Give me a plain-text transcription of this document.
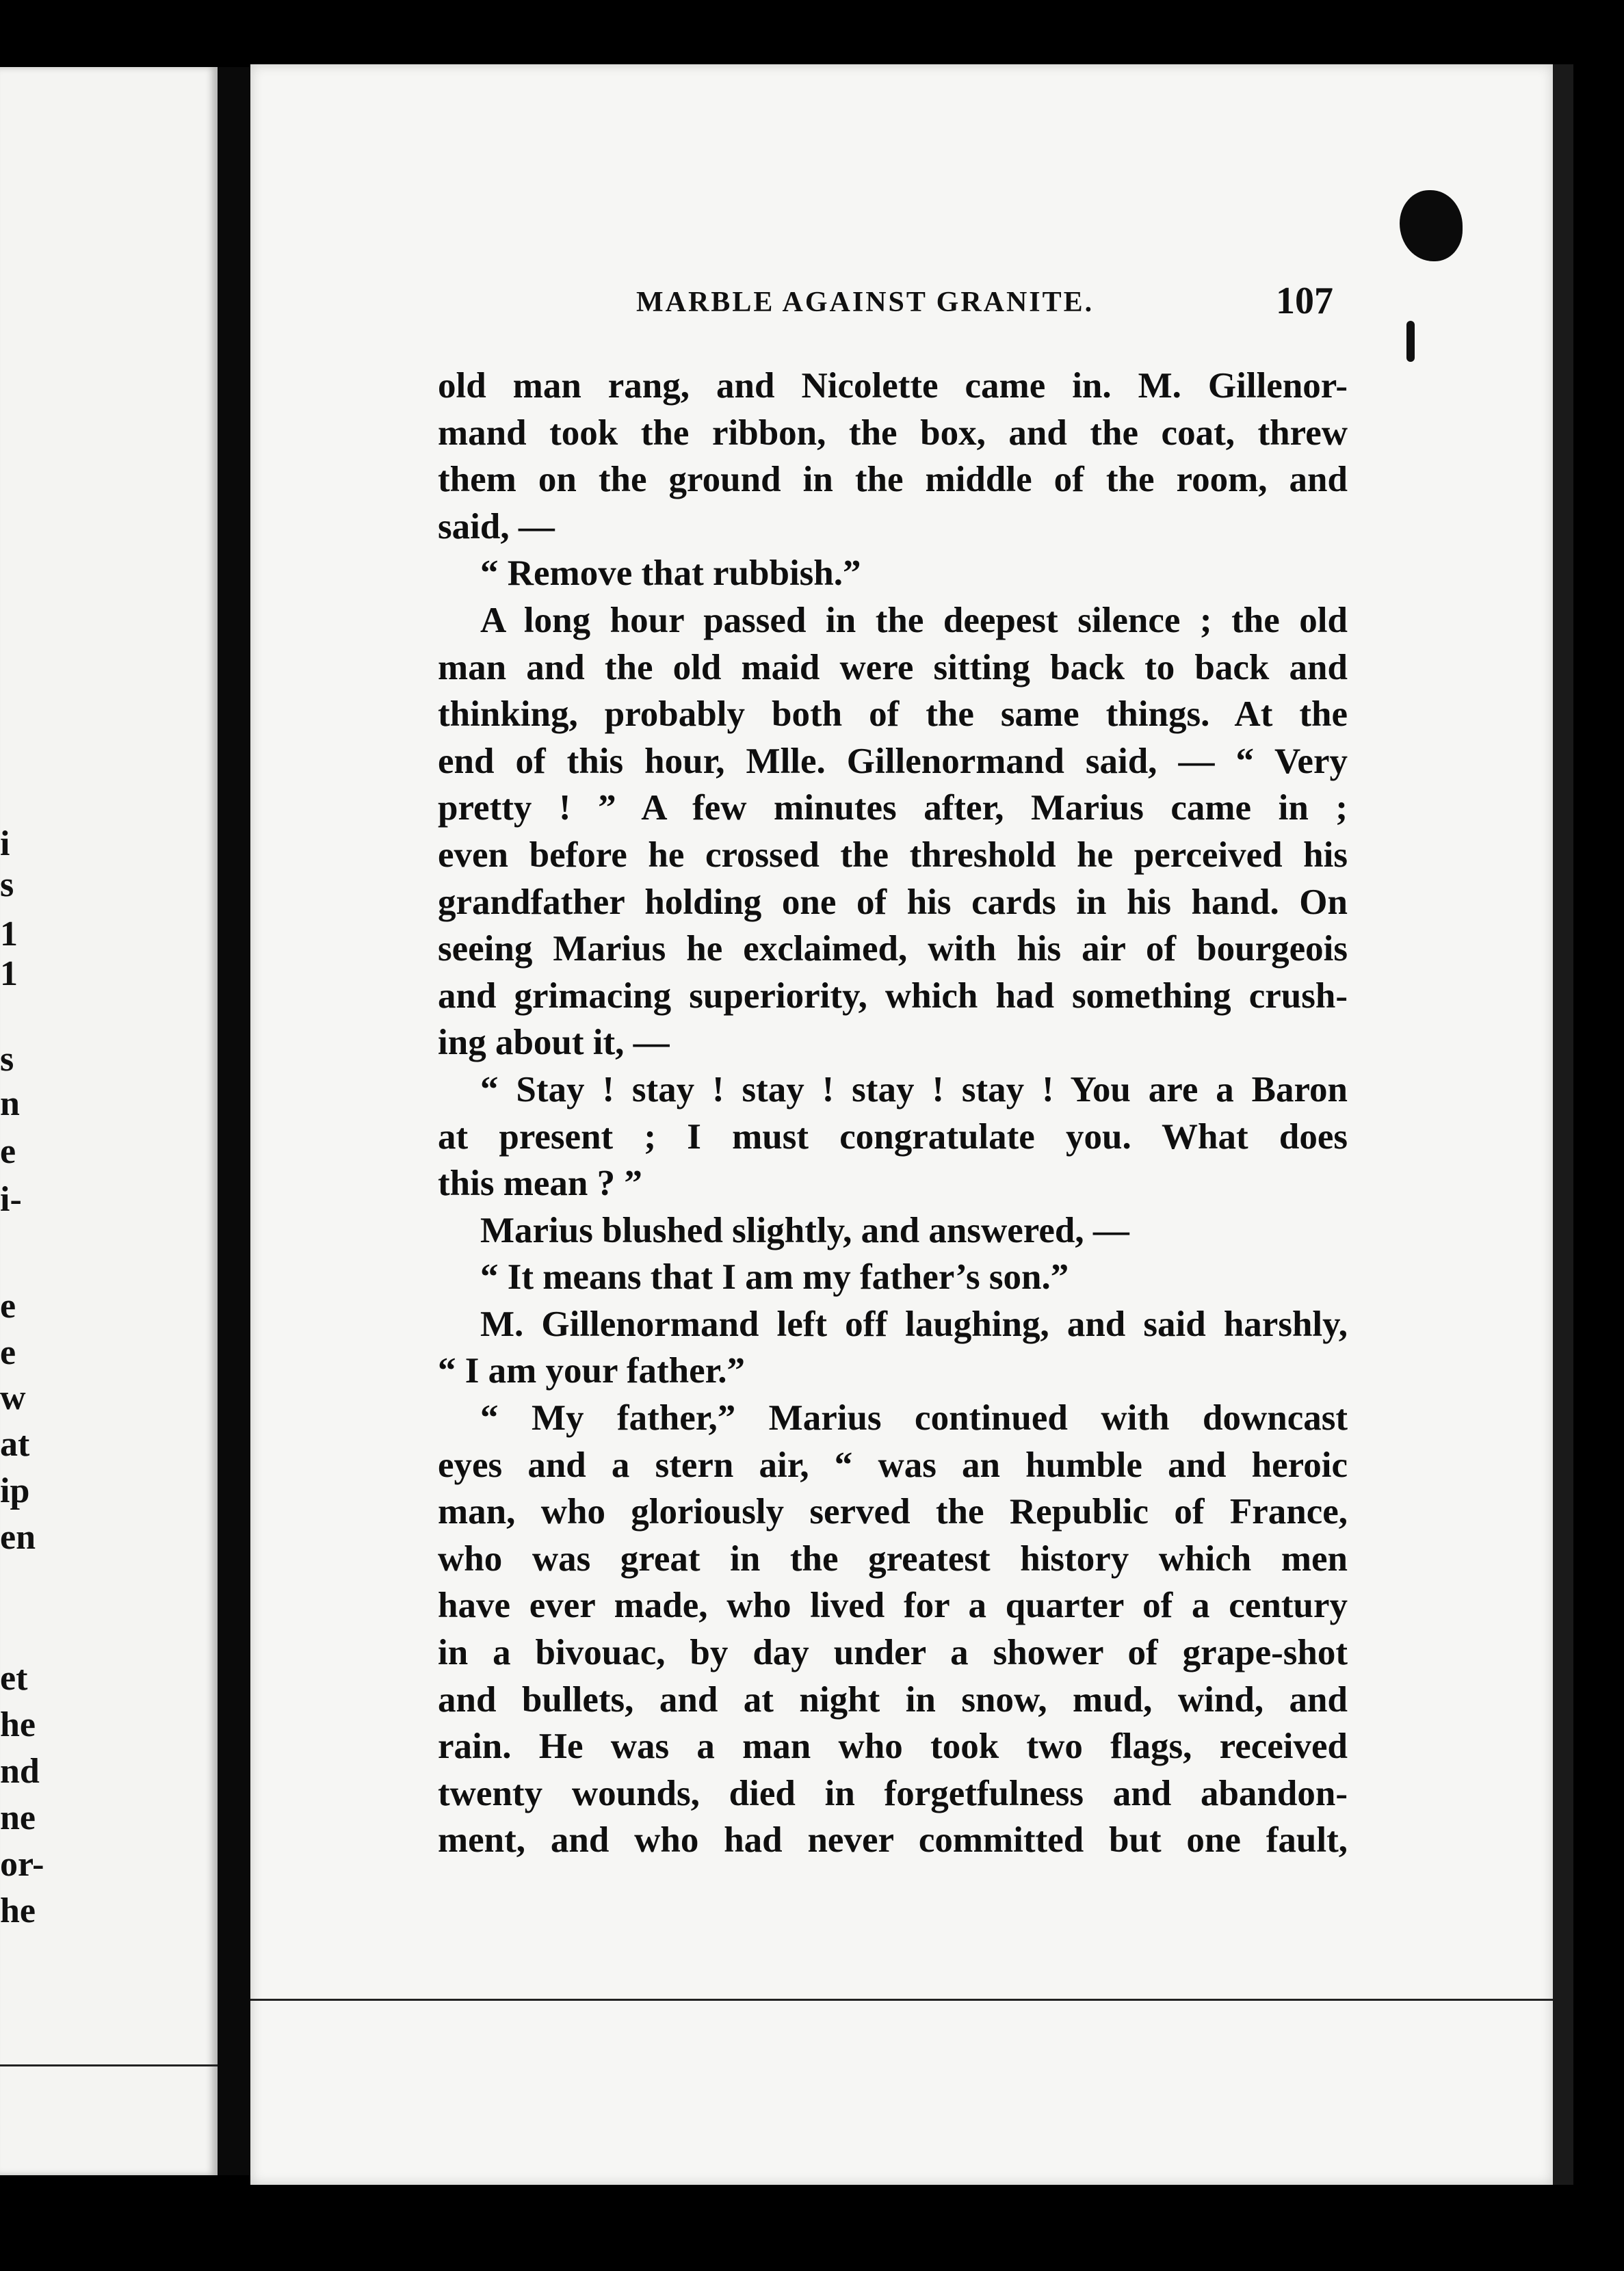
i
s
1
1
s
n
e
i-
e
e
w
at
ip
en
et
he
nd
ne
or-
he
MARBLE AGAINST GRANITE.	107
old man rang, and Nicolette came in. M. Gillenor-
mand took the ribbon, the box, and the coat, threw
them on the ground in the middle of the room, and
said, —
“ Remove that rubbish.”
A long hour passed in the deepest silence ; the old
man and the old maid were sitting back to back and
thinking, probably both of the same things. At the
end of this hour, Mlle. Gillenormand said, — “ Very
pretty ! ” A few minutes after, Marius came in ;
even before he crossed the threshold he perceived his
grandfather holding one of his cards in his hand. On
seeing Marius he exclaimed, with his air of bourgeois
and grimacing superiority, which had something crush-
ing about it, —
“ Stay ! stay ! stay ! stay ! stay ! You are a Baron
at present ; I must congratulate you. What does
this mean ? ”
Marius blushed slightly, and answered, —
“ It means that I am my father’s son.”
M. Gillenormand left off laughing, and said harshly,
“ I am your father.”
“ My father,” Marius continued with downcast
eyes and a stern air, “ was an humble and heroic
man, who gloriously served the Republic of France,
who was great in the greatest history which men
have ever made, who lived for a quarter of a century
in a bivouac, by day under a shower of grape-shot
and bullets, and at night in snow, mud, wind, and
rain. He was a man who took two flags, received
twenty wounds, died in forgetfulness and abandon-
ment, and who had never committed but one fault,
